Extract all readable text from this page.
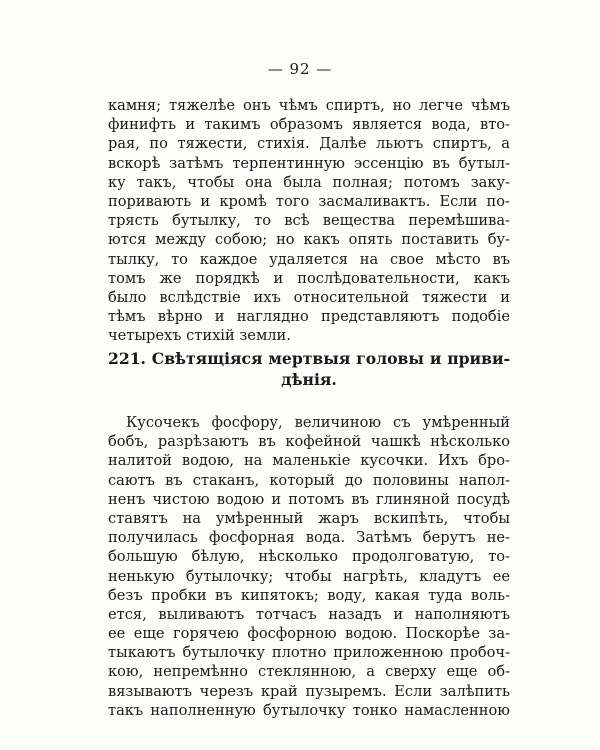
— 92 —
камня; тяжелѣе онъ чѣмъ спиртъ, но легче чѣмъ
финифть и такимъ образомъ является вода, вто-
рая, по тяжести, стихія. Далѣе льютъ спиртъ, а
вскорѣ затѣмъ терпентинную эссенцію въ бутыл-
ку такъ, чтобы она была полная; потомъ заку-
поривають и кромѣ того засмаливактъ. Если по-
трясть бутылку, то всѣ вещества перемѣшива-
ются между собою; но какъ опять поставить бу-
тылку, то каждое удаляется на свое мѣсто въ
томъ же порядкѣ и послѣдовательности, какъ
было вслѣдствіе ихъ относительной тяжести и
тѣмъ вѣрно и наглядно представляютъ подобіе
четырехъ стихій земли.
221. Свѣтящіяся мертвыя головы и приви-
дѣнія.
Кусочекъ фосфору, величиною съ умѣренный
бобъ, разрѣзаютъ въ кофейной чашкѣ нѣсколько
налитой водою, на маленькіе кусочки. Ихъ бро-
саютъ въ стаканъ, который до половины напол-
ненъ чистою водою и потомъ въ глиняной посудѣ
ставятъ на умѣренный жаръ вскипѣть, чтобы
получилась фосфорная вода. Затѣмъ берутъ не-
большую бѣлую, нѣсколько продолговатую, то-
ненькую бутылочку; чтобы нагрѣть, кладутъ ее
безъ пробки въ кипятокъ; воду, какая туда воль-
ется, выливаютъ тотчасъ назадъ и наполняютъ
ее еще горячею фосфорною водою. Поскорѣе за-
тыкаютъ бутылочку плотно приложенною пробоч-
кою, непремѣнно стеклянною, а сверху еще об-
вязываютъ черезъ край пузыремъ. Если залѣпить
такъ наполненную бутылочку тонко намасленною
